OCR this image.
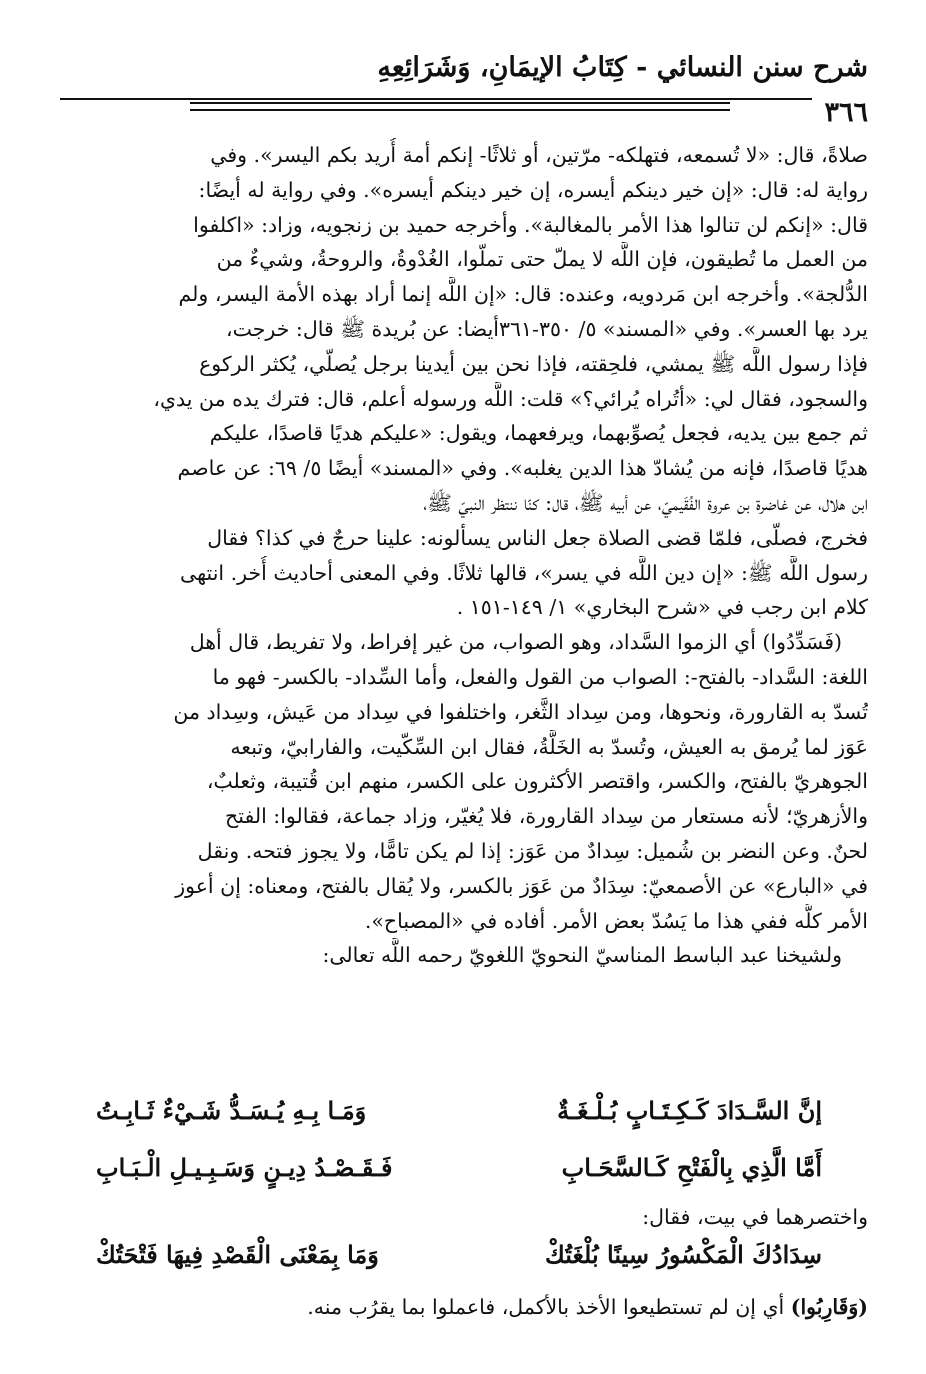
شرح سنن النسائي - كِتَابُ الإيمَانِ، وَشَرَائِعِهِ
٣٦٦
صلاةً، قال: «لا تُسمعه، فتهلكه- مرّتين، أو ثلاثًا- إنكم أمة أُريد بكم اليسر». وفي
رواية له: قال: «إن خير دينكم أيسره، إن خير دينكم أيسره». وفي رواية له أيضًا:
قال: «إنكم لن تنالوا هذا الأمر بالمغالبة». وأخرجه حميد بن زنجويه، وزاد: «اكلفوا
من العمل ما تُطيقون، فإن اللَّه لا يملّ حتى تملّوا، الغُدْوةُ، والروحةُ، وشيءٌ من
الدُّلجة». وأخرجه ابن مَردويه، وعنده: قال: «إن اللَّه إنما أراد بهذه الأمة اليسر، ولم
يرد بها العسر». وفي «المسند» ٥/ ٣٥٠-٣٦١أيضا: عن بُريدة ﷺ قال: خرجت،
فإذا رسول اللَّه ﷺ يمشي، فلحِقته، فإذا نحن بين أيدينا برجل يُصلّي، يُكثر الركوع
والسجود، فقال لي: «أتُراه يُرائي؟» قلت: اللَّه ورسوله أعلم، قال: فترك يده من يدي،
ثم جمع بين يديه، فجعل يُصوِّبهما، ويرفعهما، ويقول: «عليكم هديًا قاصدًا، عليكم
هديًا قاصدًا، فإنه من يُشادّ هذا الدين يغلبه». وفي «المسند» أيضًا ٥/ ٦٩: عن عاصم
ابن هلال، عن غاضرة بن عروة الفُقَيميّ، عن أبيه ﷺ، قال: كنّا ننتظر النبيّ ﷺ،
فخرج، فصلّى، فلمّا قضى الصلاة جعل الناس يسألونه: علينا حرجٌ في كذا؟ فقال
رسول اللَّه ﷺ: «إن دين اللَّه في يسر»، قالها ثلاثًا. وفي المعنى أحاديث أُخر. انتهى
كلام ابن رجب في «شرح البخاري» ١/ ١٤٩-١٥١ .
(فَسَدِّدُوا) أي الزموا السَّداد، وهو الصواب، من غير إفراط، ولا تفريط، قال أهل
اللغة: السَّداد- بالفتح-: الصواب من القول والفعل، وأما السِّداد- بالكسر- فهو ما
تُسدّ به القارورة، ونحوها، ومن سِداد الثَّغر، واختلفوا في سِداد من عَيش، وسِداد من
عَوَز لما يُرمق به العيش، وتُسدّ به الخَلَّةُ، فقال ابن السِّكّيت، والفارابيّ، وتبعه
الجوهريّ بالفتح، والكسر، واقتصر الأكثرون على الكسر، منهم ابن قُتيبة، وثعلبٌ،
والأزهريّ؛ لأنه مستعار من سِداد القارورة، فلا يُغيّر، وزاد جماعة، فقالوا: الفتح
لحنٌ. وعن النضر بن شُميل: سِدادٌ من عَوَز: إذا لم يكن تامًّا، ولا يجوز فتحه. ونقل
في «البارع» عن الأصمعيّ: سِدَادٌ من عَوَز بالكسر، ولا يُقال بالفتح، ومعناه: إن أعوز
الأمر كلُّه ففي هذا ما يَسُدّ بعض الأمر. أفاده في «المصباح».
ولشيخنا عبد الباسط المناسيّ النحويّ اللغويّ رحمه اللَّه تعالى:
إنَّ السَّـدَادَ كَـكِـتَـابٍ بُـلْـغَـةٌ
وَمَـا بِـهِ يُـسَـدُّ شَـيْءٌ ثَـابِـتُ
أَمَّا الَّذِي بِالْفَتْحِ كَـالسَّحَـابِ
فَـقَـصْـدُ دِيـنٍ وَسَـبِـيـلِ الْـبَـابِ
واختصرهما في بيت، فقال:
سِدَادُكَ الْمَكْسُورُ سِينًا بُلْغَتُكْ
وَمَا بِمَعْنَى الْقَصْدِ فِيهَا فَتْحَتُكْ
(وَقَارِبُوا) أي إن لم تستطيعوا الأخذ بالأكمل، فاعملوا بما يقرُب منه.
